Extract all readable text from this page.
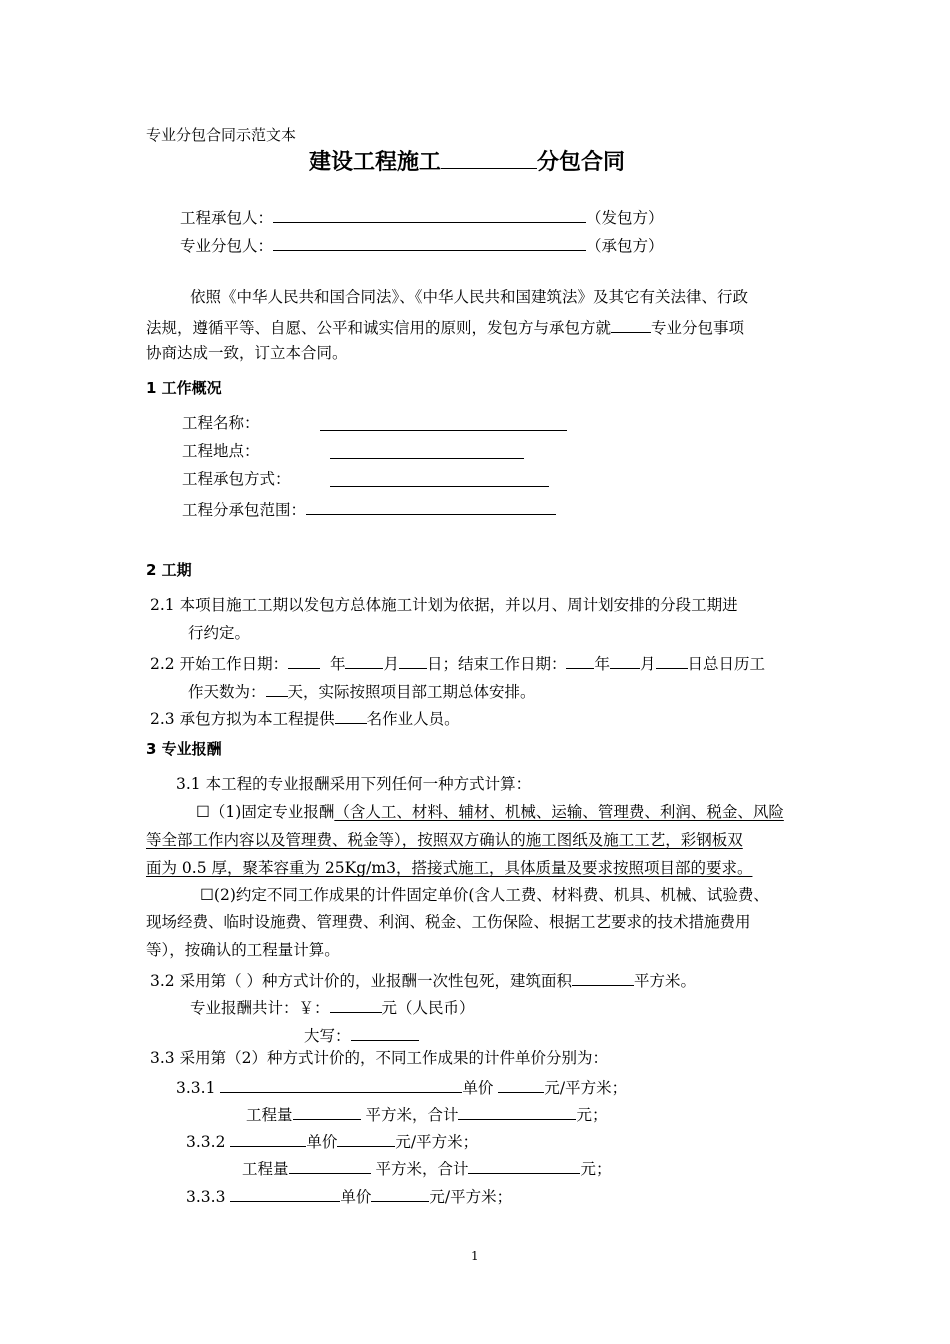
专业分包合同示范文本
建设工程施工	分包合同
工程承包人：	（发包方）
专业分包人：	（承包方）
依照《中华人民共和国合同法》、《中华人民共和国建筑法》及其它有关法律、行政
法规，遵循平等、自愿、公平和诚实信用的原则，发包方与承包方就	专业分包事项
协商达成一致，订立本合同。
1 工作概况
工程名称：
工程地点：
工程承包方式：
工程分承包范围：
2 工期
2.1 本项目施工工期以发包方总体施工计划为依据，并以月、周计划安排的分段工期进
行约定。
2.2 开始工作日期：	年 月 日；结束工作日期： 年 月 日总日历工
作天数为： 天，实际按照项目部工期总体安排。
2.3 承包方拟为本工程提供 名作业人员。
3 专业报酬
3.1 本工程的专业报酬采用下列任何一种方式计算：
☐（1)固定专业报酬（含人工、材料、辅材、机械、运输、管理费、利润、税金、风险
等全部工作内容以及管理费、税金等），按照双方确认的施工图纸及施工工艺，彩钢板双
面为 0.5 厚，聚苯容重为 25Kg/m3，搭接式施工，具体质量及要求按照项目部的要求。
☐(2)约定不同工作成果的计件固定单价(含人工费、材料费、机具、机械、试验费、
现场经费、临时设施费、管理费、利润、税金、工伤保险、根据工艺要求的技术措施费用
等），按确认的工程量计算。
3.2 采用第（ ）种方式计价的，业报酬一次性包死，建筑面积	平方米。
专业报酬共计：￥：	元（人民币）
大写：
3.3 采用第（2）种方式计价的，不同工作成果的计件单价分别为：
3.3.1	单价	元/平方米；
工程量	平方米，合计	元；
3.3.2	单价	元/平方米；
工程量	平方米，合计	元；
3.3.3	单价	元/平方米；
1
